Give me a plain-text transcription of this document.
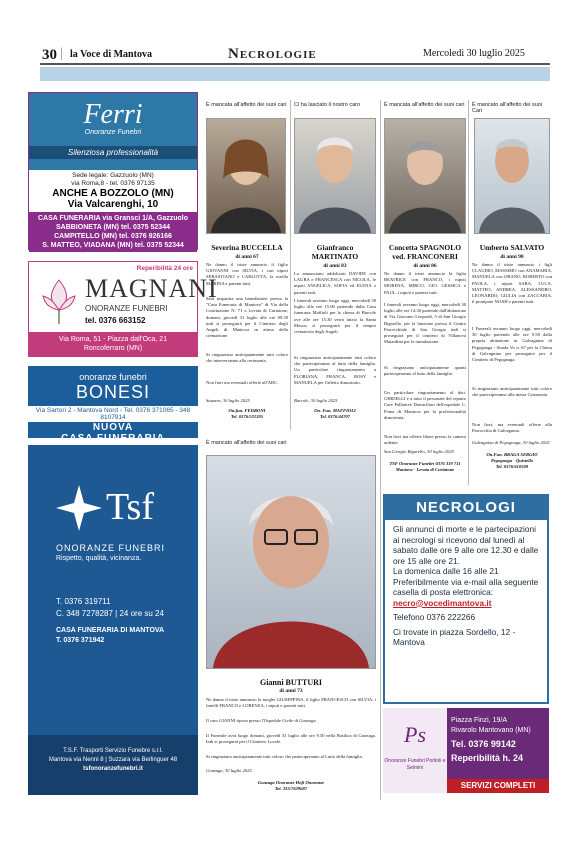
30 | la Voce di Mantova	Necrologie	Mercoledì 30 luglio 2025
Ferri
Onoranze Funebri
Silenziosa professionalità
Sede legale: Gazzuolo (MN)
via Roma,8 - tel. 0376 97135
ANCHE A BOZZOLO (MN)
Via Valcarenghi, 10
CASA FUNERARIA via Gransci 1/A, Gazzuolo
SABBIONETA (MN) tel. 0375 52344
CAMPITELLO (MN) tel. 0376 926166
S. MATTEO, VIADANA (MN) tel. 0375 52344
Reperibilità 24 ore
MAGNANI
ONORANZE FUNEBRI
tel. 0376 663152
Via Roma, 51 - Piazza dall'Oca, 21
Roncoferraro (MN)
onoranze funebri
BONESI
Via Sartori 2 - Mantova Nord - Tel. 0376 371065 - 348 8107914
NUOVA
CASA FUNERARIA
Tsf
ONORANZE FUNEBRI
Rispetto, qualità, vicinanza.
T. 0376 319711
C. 348 7278287 | 24 ore su 24
CASA FUNERARIA DI MANTOVA
T. 0376 371942
T.S.F. Trasporti Servizio Funebre s.r.l.
Mantova via Nenni 8 | Suzzara via Berlinguer 48
tsfonoranzefunebri.it
È mancata all'affetto dei suoi cari
Severina BUCCELLA
di anni 67
Ne danno il triste annuncio il figlio GIOVANNI con SILVIA, i cari nipoti SEBASTIANO e CARLOTTA, la sorella MARINA e parenti tutti.
Sarà impartita una benedizione presso la "Casa Funeraria di Mantova" di Via della Costituzione N. 71 a Levata di Curtatone, domani, giovedì 31 luglio alle ore 09.30 indi si proseguirà per il Cimitero degli Angeli di Mantova in attesa della cremazione.
Si ringraziano anticipatamente tutti coloro che interverranno alla cerimonia.
Non fiori ma eventuali offerte all'ABC.
Suzzara, 30 luglio 2025
On.fun. FEDRONI
Tel. 0376/521205
Ci ha lasciato il nostro caro
Gianfranco MARTINATO
di anni 83
Lo annunciano addolorati DAVIDE con LAURA e FRANCESCA con NICOLA, le nipoti ANGELICA, SOFIA ed ELENA e parenti tutti.
I funerali avranno luogo oggi, mercoledì 30 luglio alle ore 15.00 partendo dalla Casa funeraria Maffioli per la chiesa di Barcole ove alle ore 15.30 verrà inizio la Santa Messa; si proseguirà per il tempio crematorio degli Angeli.
Si ringraziano anticipatamente tutti coloro che parteciperanno al lutto della famiglia. Un particolare ringraziamento a FLORIANA, FRANCA, ROSY e MANUELA per l'affetto dimostrato.
Barcole, 30 luglio 2025
On. Fun. MAFFIOLI
Tel. 0376/44707
È mancata all'affetto dei suoi cari
Concetta SPAGNOLO ved. FRANCONERI
di anni 86
Ne danno il triste annuncio la figlia BEATRICE con FRANCO, i nipoti MORENA, MIRCO, GIO, GESSICA e PAUL, i nipoti e parenti tutti.
I funerali avranno luogo oggi, mercoledì 30 luglio alle ore 14.30 partendo dall'abitazione di Via Giacomo Leopardi, 5 di San Giorgio Bigarello, per la funzione presso il Centro Parrocchiale di San Giorgio indi si proseguirà per il cimitero di Villanova Maiardina per la tumulazione.
Si ringraziano anticipatamente quanti parteciperanno al lutto della famiglia.
Un particolare ringraziamento al dott. GHIDELLI e a tutto il personale del reparto Cure Palliative Domiciliari dell'ospedale C. Poma di Mantova per la professionalità dimostrata.
Non fiori ma offerte libere presso la camera ardente.
San Giorgio Bigarello, 30 luglio 2025
TSF Onoranze Funebri 0376 319 711
Mantova - Levata di Curtatone
È mancato all'affetto dei suoi Cari
Umberto SALVATO
di anni 90
Ne danno il triste annuncio i figli CLAUDIO, MASSIMO con ANAMARIA, MANUELA con ORANO, ROBERTO con PAOLA, i nipoti SARA, LUCA, MATTEO, ANDREA, ALESSANDRO, LEONARDO, GIULIA con ZACCARIA, il pronipote NOAH e parenti tutti.
I Funerali avranno luogo oggi, mercoledì 30 luglio partendo alle ore 9.50 dalla propria abitazione in Galvagnina di Pegognaga - Strada Vo n. 67 per la Chiesa di Galvagnina per proseguire per il Cimitero di Pegognaga.
Si ringraziano anticipatamente tutti coloro che parteciperanno alla mesta Cerimonia.
Non fiori, ma eventuali offerte alla Parrocchia di Galvagnina.
Galvagnina di Pegognaga, 30 luglio 2025
On.Fun. BRAGA SERGIO
Pegognaga - Quistello
Tel. 0376/610508
È mancato all'affetto dei suoi cari
Gianni BUTTURI
di anni 73
Ne danno il triste annuncio la moglie GIUSEPPINA, il figlio FRANCESCO con SILVIA, i fratelli FRANCO e LORENZA, i nipoti e parenti tutti.
Il caro GIANNI riposa presso l'Ospedale Civile di Gonzaga.
Il Funerale avrà luogo domani, giovedì 31 luglio alle ore 9.30 nella Basilica di Gonzaga. Indi si proseguirà per il Cimitero Locale.
Si ringraziano anticipatamente tutti coloro che parteciperanno al Lutto della famiglia.
Gonzaga, 30 luglio 2025
Gonzaga Onoranze Hofi Onoranze
Tel. 335/7629687
NECROLOGI
Gli annunci di morte e le partecipazioni ai necrologi si ricevono dal lunedì al sabato dalle ore 9 alle ore 12.30 e dalle ore 15 alle ore 21.
La domenica dalle 16 alle 21
Preferibilmente via e-mail alla seguente casella di posta elettronica:
necro@vocedimantova.it
Telefono 0376 222266
Ci trovate in piazza Sordello, 12 - Mantova
Ps
Onoranze Funebri Portioli e Selmini
Piazza Finzi, 19/A
Rivarolo Mantovano (MN)
Tel. 0376 99142
Reperibilità h. 24
SERVIZI COMPLETI
